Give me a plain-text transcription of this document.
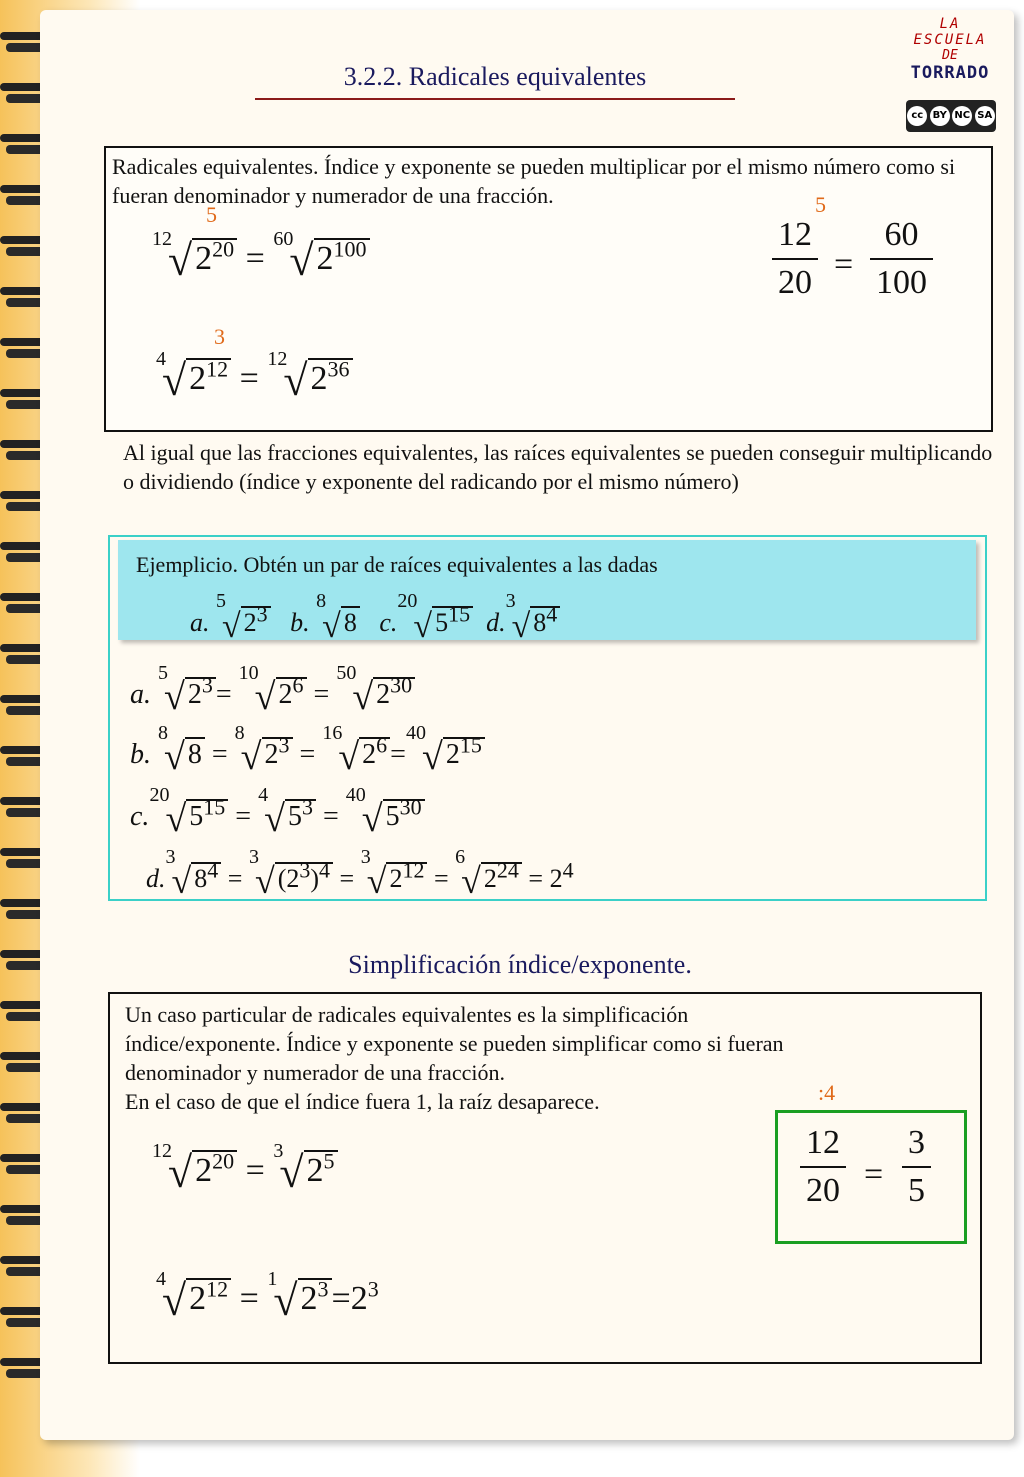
3.2.2. Radicales equivalentes
LA ESCUELA
DE
TORRADO
cc BY NC SA
Radicales equivalentes. Índice y exponente se pueden multiplicar por el mismo número como si fueran denominador y numerador de una fracción.
5
3
5
$^{12}√2^{20} = ^{60}√2^{100}$
$^4√2^{12} = ^{12}√2^{36}$
$\frac{12}{20} = \frac{60}{100}$
Al igual que las fracciones equivalentes, las raíces equivalentes se pueden conseguir multiplicando o dividiendo (índice y exponente del radicando por el mismo número)
Ejemplicio. Obtén un par de raíces equivalentes a las dadas
a. $^5$√ $2^3$ b. $^8$√ 8 c.$^{20}$√ $5^{15}$ d.$^3$√ $8^4$
a. $^5$√ $2^3 = ^{10}√$ $2^6 = ^{50}√$ $2^{30}$
b. $^8$√ 8 = $^8$√ $2^3 = ^{16}√$ $2^6 =^{40}√$ $2^{15}$
c.$^{20}$√ $5^{15} = ^4√$ $5^3 = ^{40}√$ $5^{30}$
d.$^3$√ $8^4 = ^3√$ $(2^3)^4 = ^3√$ $2^{12} = ^6√$ $2^{24} = 2^4$
Simplificación índice/exponente.
Un caso particular de radicales equivalentes es la simplificación
índice/exponente. Índice y exponente se pueden simplificar como si fueran
denominador y numerador de una fracción.
En el caso de que el índice fuera 1, la raíz desaparece.	:4
$\frac{12}{20} = \frac{3}{5}$
$^{12}√2^{20} = ^3√2^5$
$^4√2^{12} = ^1√2^3=2^3$
